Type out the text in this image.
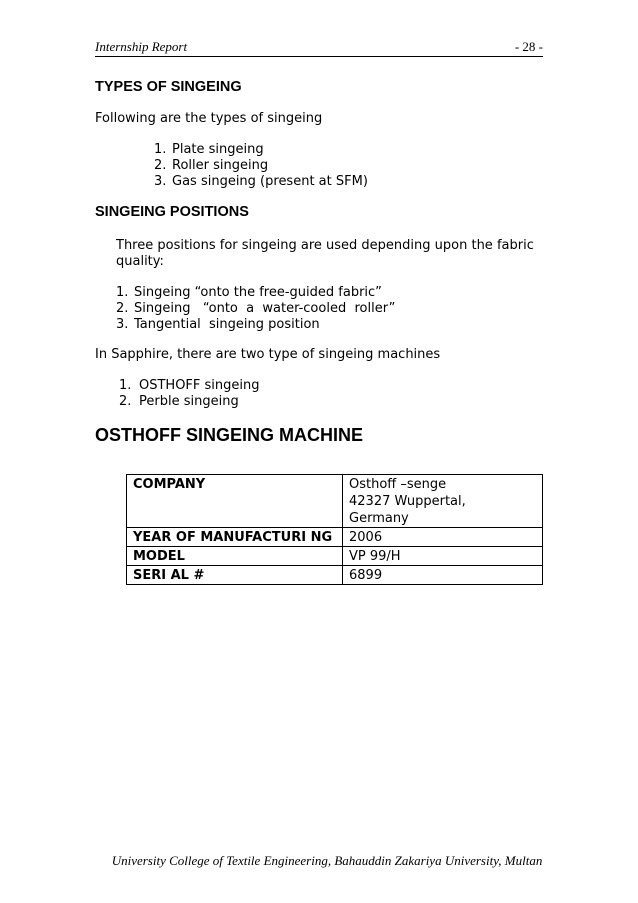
Internship Report	- 28 -
TYPES OF SINGEING
Following are the types of singeing
1. Plate singeing
2. Roller singeing
3. Gas singeing (present at SFM)
SINGEING POSITIONS
Three positions for singeing are used depending upon the fabric
quality:
1. Singeing “onto the free-guided fabric”
2. Singeing   “onto  a  water-cooled  roller”
3. Tangential  singeing position
In Sapphire, there are two type of singeing machines
1. OSTHOFF singeing
2. Perble singeing
OSTHOFF SINGEING MACHINE
COMPANY	Osthoff –senge
42327 Wuppertal,
Germany

YEAR OF MANUFACTURI NG	2006
MODEL	VP 99/H
SERI AL #	6899
University College of Textile Engineering, Bahauddin Zakariya University, Multan
